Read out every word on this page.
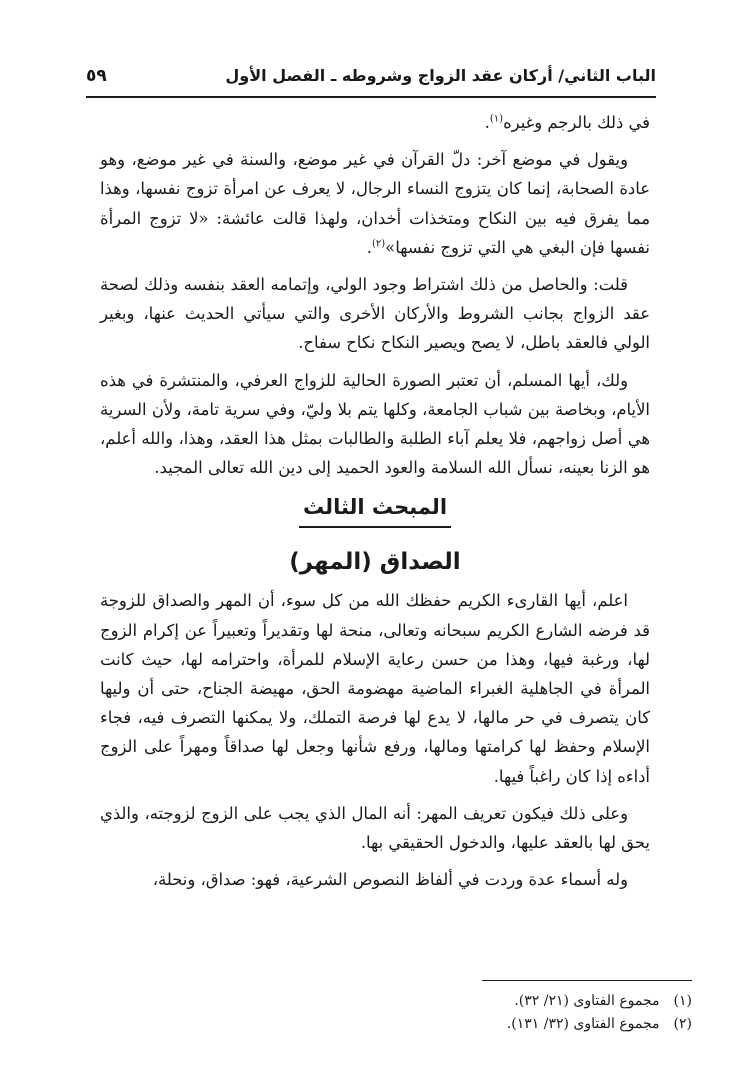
الباب الثاني/ أركان عقد الزواج وشروطه ـ الفصل الأول
٥٩

في ذلك بالرجم وغيره$^{(١)}$.

ويقول في موضع آخر: دلّ القرآن في غير موضع، والسنة في غير موضع، وهو عادة الصحابة، إنما كان يتزوج النساء الرجال، لا يعرف عن امرأة تزوج نفسها، وهذا مما يفرق فيه بين النكاح ومتخذات أخدان، ولهذا قالت عائشة: «لا تزوج المرأة نفسها فإن البغي هي التي تزوج نفسها»$^{(٢)}$.

قلت: والحاصل من ذلك اشتراط وجود الولي، وإتمامه العقد بنفسه وذلك لصحة عقد الزواج بجانب الشروط والأركان الأخرى والتي سيأتي الحديث عنها، وبغير الولي فالعقد باطل، لا يصح ويصير النكاح نكاح سفاح.

ولك، أيها المسلم، أن تعتبر الصورة الحالية للزواج العرفي، والمنتشرة في هذه الأيام، وبخاصة بين شباب الجامعة، وكلها يتم بلا وليّ، وفي سرية تامة، ولأن السرية هي أصل زواجهم، فلا يعلم آباء الطلبة والطالبات بمثل هذا العقد، وهذا، والله أعلم، هو الزنا بعينه، نسأل الله السلامة والعود الحميد إلى دين الله تعالى المجيد.

المبحث الثالث
الصداق (المهر)

اعلم، أيها القارىء الكريم حفظك الله من كل سوء، أن المهر والصداق للزوجة قد فرضه الشارع الكريم سبحانه وتعالى، منحة لها وتقديراً وتعبيراً عن إكرام الزوج لها، ورغبة فيها، وهذا من حسن رعاية الإسلام للمرأة، واحترامه لها، حيث كانت المرأة في الجاهلية الغبراء الماضية مهضومة الحق، مهيضة الجناح، حتى أن وليها كان يتصرف في حر مالها، لا يدع لها فرصة التملك، ولا يمكنها التصرف فيه، فجاء الإسلام وحفظ لها كرامتها ومالها، ورفع شأنها وجعل لها صداقاً ومهراً على الزوج أداءه إذا كان راغباً فيها.

وعلى ذلك فيكون تعريف المهر: أنه المال الذي يجب على الزوج لزوجته، والذي يحق لها بالعقد عليها، والدخول الحقيقي بها.

وله أسماء عدة وردت في ألفاظ النصوص الشرعية، فهو: صداق، ونحلة،

(١) مجموع الفتاوى (٢١/ ٣٢).
(٢) مجموع الفتاوى (٣٢/ ١٣١).
